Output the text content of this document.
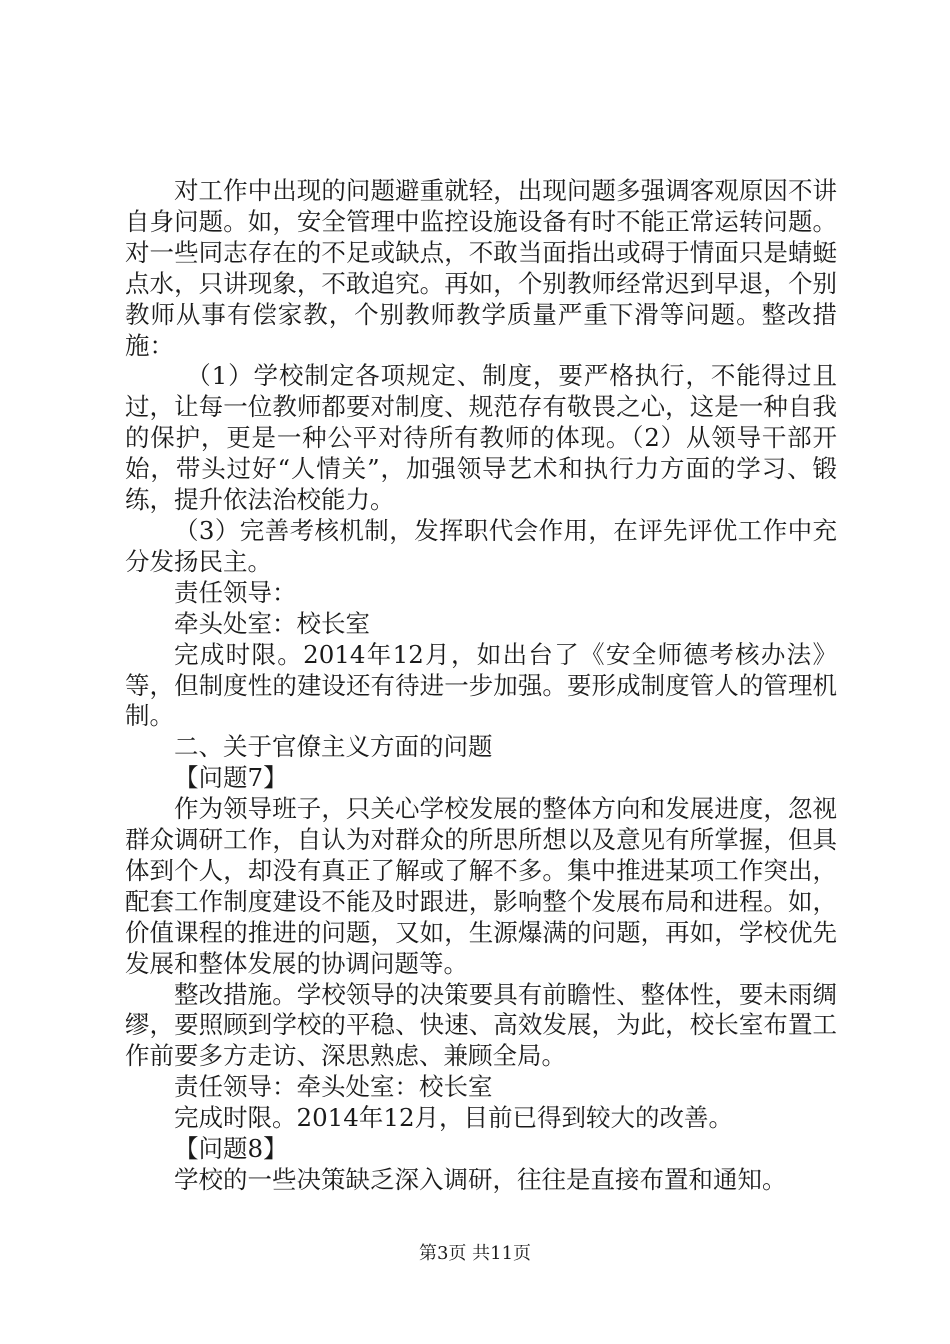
对工作中出现的问题避重就轻，出现问题多强调客观原因不讲自身问题。如，安全管理中监控设施设备有时不能正常运转问题。对一些同志存在的不足或缺点，不敢当面指出或碍于情面只是蜻蜓点水，只讲现象，不敢追究。再如，个别教师经常迟到早退，个别教师从事有偿家教，个别教师教学质量严重下滑等问题。整改措施：

（1）学校制定各项规定、制度，要严格执行，不能得过且过，让每一位教师都要对制度、规范存有敬畏之心，这是一种自我的保护，更是一种公平对待所有教师的体现。（2）从领导干部开始，带头过好“人情关”，加强领导艺术和执行力方面的学习、锻练，提升依法治校能力。

（3）完善考核机制，发挥职代会作用，在评先评优工作中充分发扬民主。

责任领导：

牵头处室：校长室

完成时限。2014年12月，如出台了《安全师德考核办法》等，但制度性的建设还有待进一步加强。要形成制度管人的管理机制。

二、关于官僚主义方面的问题

【问题7】

作为领导班子，只关心学校发展的整体方向和发展进度，忽视群众调研工作，自认为对群众的所思所想以及意见有所掌握，但具体到个人，却没有真正了解或了解不多。集中推进某项工作突出，配套工作制度建设不能及时跟进，影响整个发展布局和进程。如，价值课程的推进的问题，又如，生源爆满的问题，再如，学校优先发展和整体发展的协调问题等。

整改措施。学校领导的决策要具有前瞻性、整体性，要未雨绸缪，要照顾到学校的平稳、快速、高效发展，为此，校长室布置工作前要多方走访、深思熟虑、兼顾全局。

责任领导：牵头处室：校长室

完成时限。2014年12月，目前已得到较大的改善。

【问题8】

学校的一些决策缺乏深入调研，往往是直接布置和通知。

第3页 共11页
